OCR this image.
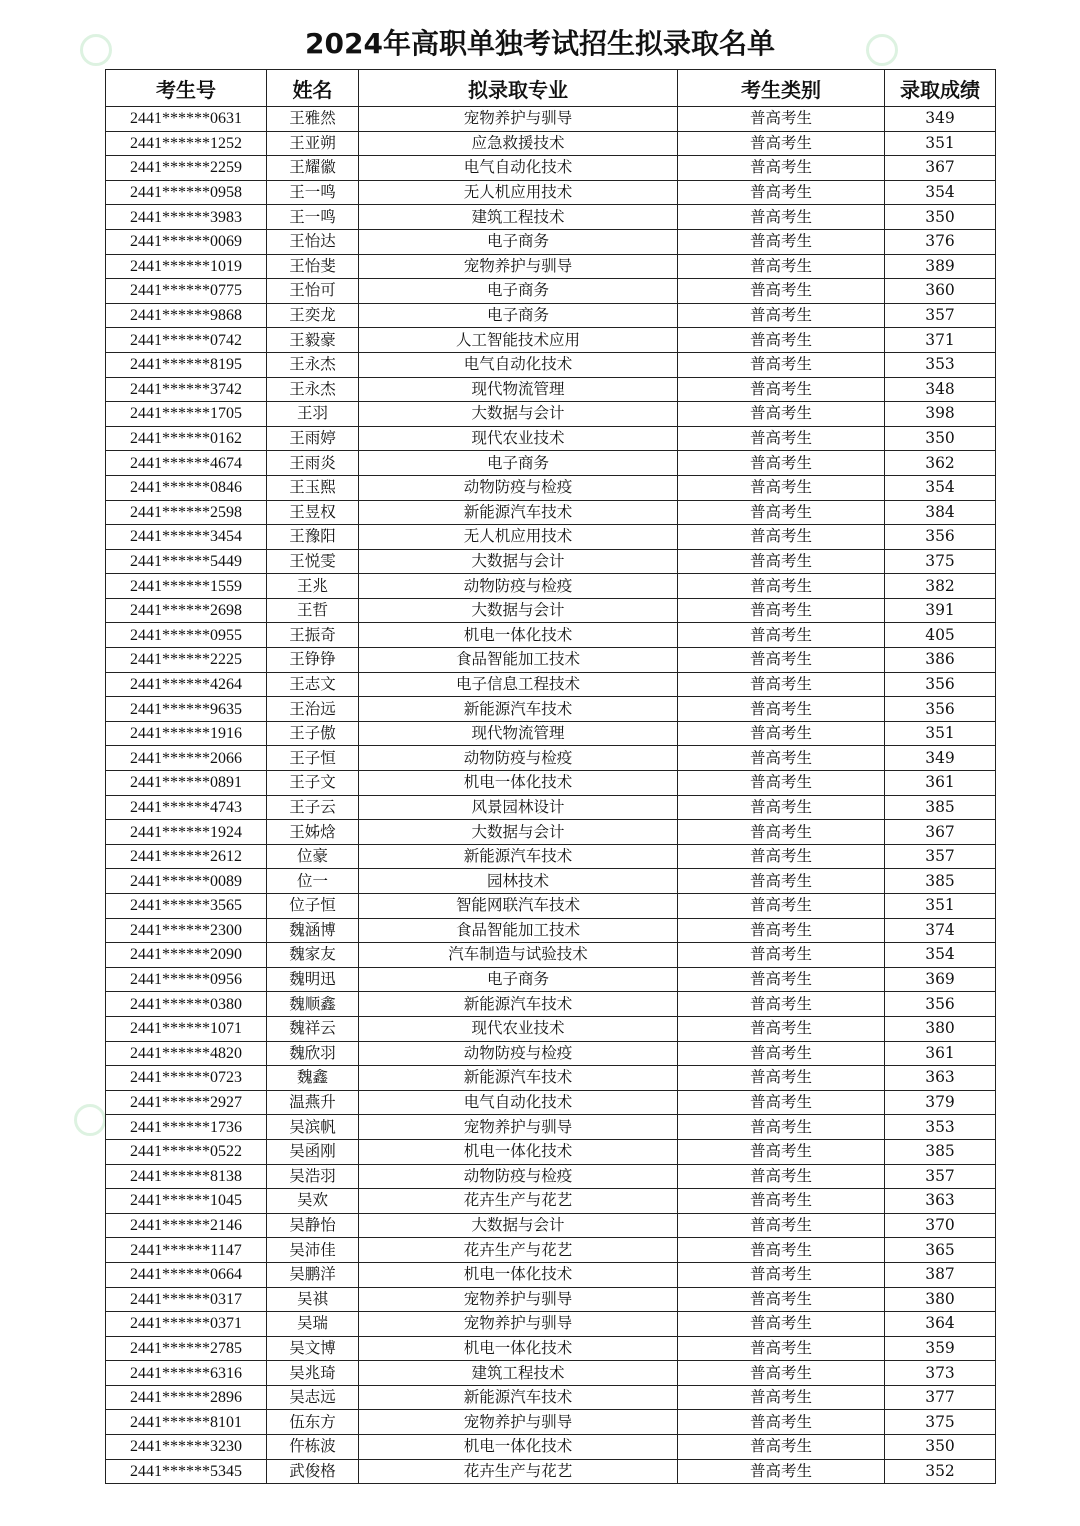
2024年高职单独考试招生拟录取名单
考生号	姓名	拟录取专业	考生类别	录取成绩
2441******0631	王雅然	宠物养护与驯导	普高考生	349
2441******1252	王亚朔	应急救援技术	普高考生	351
2441******2259	王耀徽	电气自动化技术	普高考生	367
2441******0958	王一鸣	无人机应用技术	普高考生	354
2441******3983	王一鸣	建筑工程技术	普高考生	350
2441******0069	王怡达	电子商务	普高考生	376
2441******1019	王怡斐	宠物养护与驯导	普高考生	389
2441******0775	王怡可	电子商务	普高考生	360
2441******9868	王奕龙	电子商务	普高考生	357
2441******0742	王毅豪	人工智能技术应用	普高考生	371
2441******8195	王永杰	电气自动化技术	普高考生	353
2441******3742	王永杰	现代物流管理	普高考生	348
2441******1705	王羽	大数据与会计	普高考生	398
2441******0162	王雨婷	现代农业技术	普高考生	350
2441******4674	王雨炎	电子商务	普高考生	362
2441******0846	王玉熙	动物防疫与检疫	普高考生	354
2441******2598	王昱权	新能源汽车技术	普高考生	384
2441******3454	王豫阳	无人机应用技术	普高考生	356
2441******5449	王悦雯	大数据与会计	普高考生	375
2441******1559	王兆	动物防疫与检疫	普高考生	382
2441******2698	王哲	大数据与会计	普高考生	391
2441******0955	王振奇	机电一体化技术	普高考生	405
2441******2225	王铮铮	食品智能加工技术	普高考生	386
2441******4264	王志文	电子信息工程技术	普高考生	356
2441******9635	王治远	新能源汽车技术	普高考生	356
2441******1916	王子傲	现代物流管理	普高考生	351
2441******2066	王子恒	动物防疫与检疫	普高考生	349
2441******0891	王子文	机电一体化技术	普高考生	361
2441******4743	王子云	风景园林设计	普高考生	385
2441******1924	王姊焓	大数据与会计	普高考生	367
2441******2612	位豪	新能源汽车技术	普高考生	357
2441******0089	位一	园林技术	普高考生	385
2441******3565	位子恒	智能网联汽车技术	普高考生	351
2441******2300	魏涵博	食品智能加工技术	普高考生	374
2441******2090	魏家友	汽车制造与试验技术	普高考生	354
2441******0956	魏明迅	电子商务	普高考生	369
2441******0380	魏顺鑫	新能源汽车技术	普高考生	356
2441******1071	魏祥云	现代农业技术	普高考生	380
2441******4820	魏欣羽	动物防疫与检疫	普高考生	361
2441******0723	魏鑫	新能源汽车技术	普高考生	363
2441******2927	温燕升	电气自动化技术	普高考生	379
2441******1736	吴滨帆	宠物养护与驯导	普高考生	353
2441******0522	吴函刚	机电一体化技术	普高考生	385
2441******8138	吴浩羽	动物防疫与检疫	普高考生	357
2441******1045	吴欢	花卉生产与花艺	普高考生	363
2441******2146	吴静怡	大数据与会计	普高考生	370
2441******1147	吴沛佳	花卉生产与花艺	普高考生	365
2441******0664	吴鹏洋	机电一体化技术	普高考生	387
2441******0317	吴祺	宠物养护与驯导	普高考生	380
2441******0371	吴瑞	宠物养护与驯导	普高考生	364
2441******2785	吴文博	机电一体化技术	普高考生	359
2441******6316	吴兆琦	建筑工程技术	普高考生	373
2441******2896	吴志远	新能源汽车技术	普高考生	377
2441******8101	伍东方	宠物养护与驯导	普高考生	375
2441******3230	仵栋波	机电一体化技术	普高考生	350
2441******5345	武俊格	花卉生产与花艺	普高考生	352
